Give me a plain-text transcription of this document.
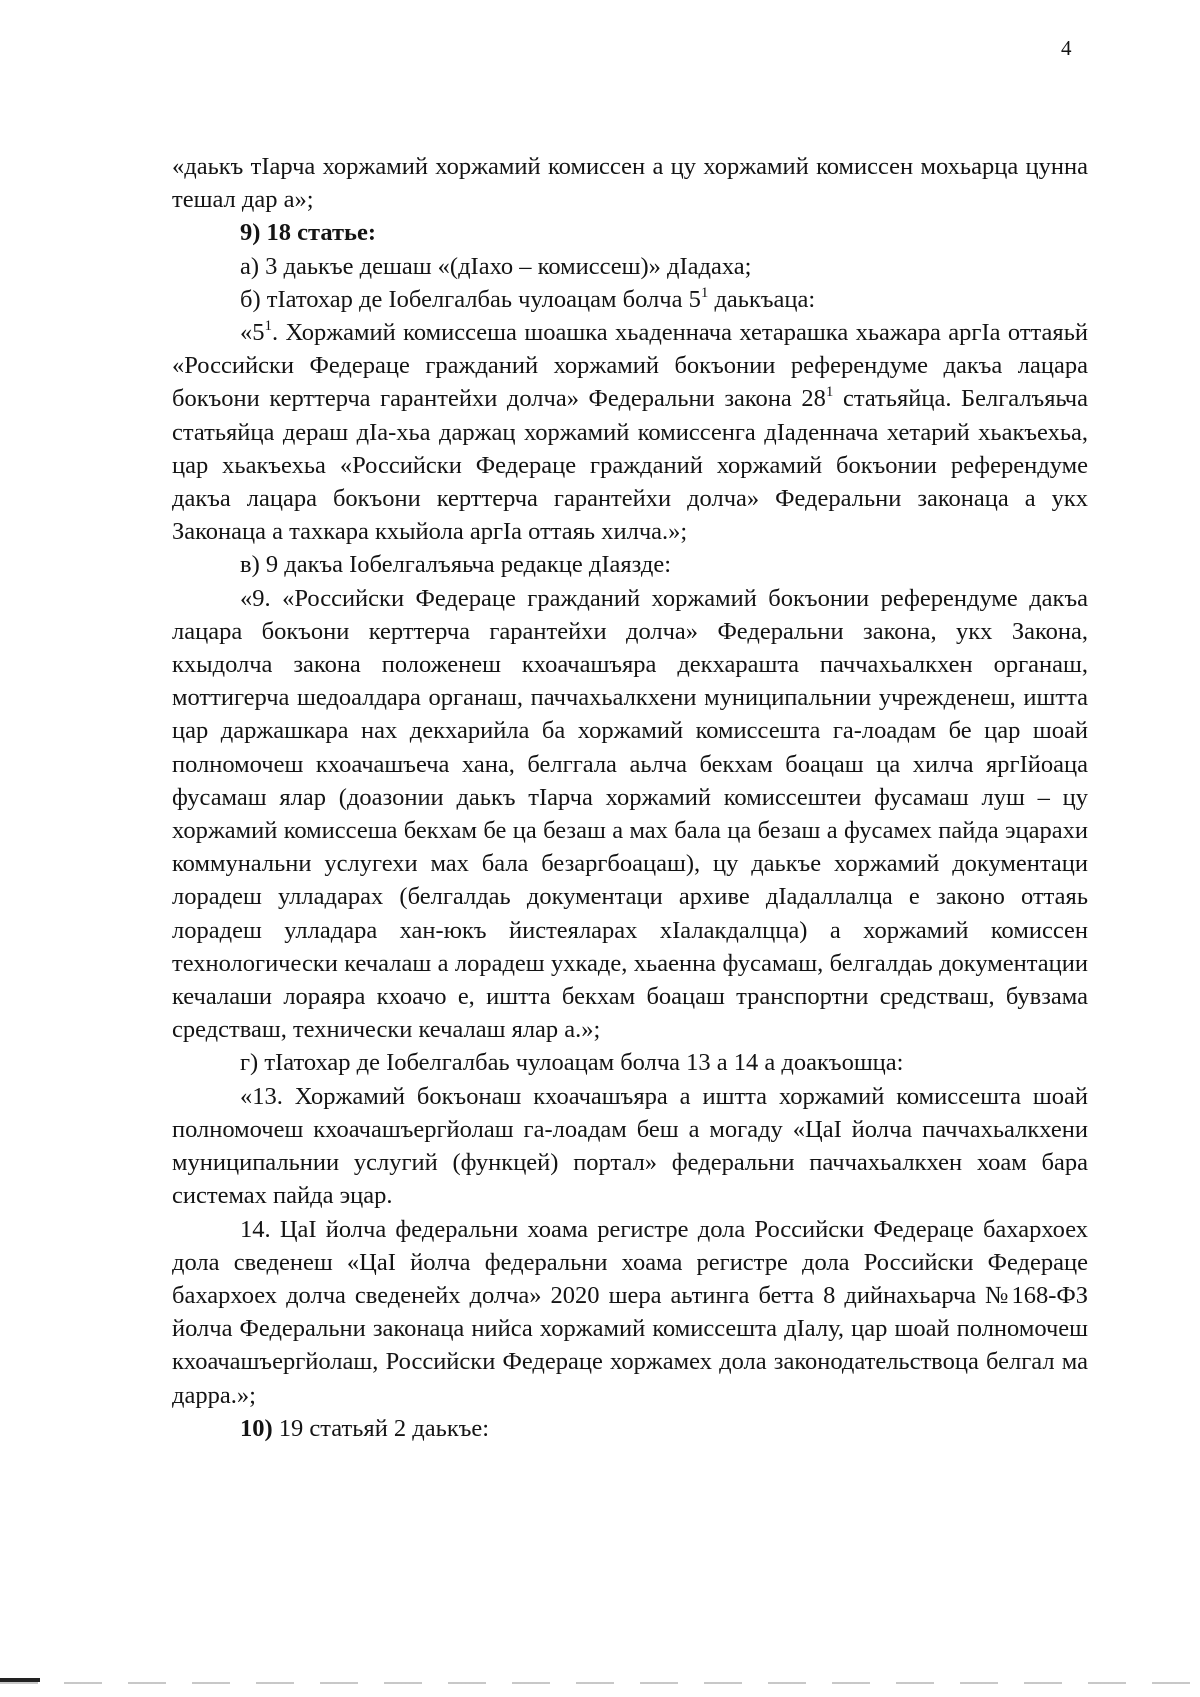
4

«даькъ тӀарча хоржамий хоржамий комиссен а цу хоржамий комиссен мохьарца цунна тешал дар а»;

9) 18 статье:

а) 3 даькъе дешаш «(дӀахо – комиссеш)» дӀадаха;

б) тӀатохар де Ӏобелгалбаь чулоацам болча $5^1$ даькъаца:

«$5^1$. Хоржамий комиссеша шоашка хьаденнача хетарашка хьажара аргӀа оттаяьй «Российски Федераце гражданий хоржамий бокъонии референдуме дакъа лацара бокъони керттерча гарантейхи долча» Федеральни закона $28^1$ статьяйца. Белгалъяьча статьяйца дераш дӀа-хьа даржац хоржамий комиссенга дӀаденнача хетарий хьакъехьа, цар хьакъехьа «Российски Федераце гражданий хоржамий бокъонии референдуме дакъа лацара бокъони керттерча гарантейхи долча» Федеральни законаца а укх Законаца а тахкара кхыйола аргӀа оттаяь хилча.»;

в) 9 дакъа Ӏобелгалъяьча редакце дӀаязде:

«9. «Российски Федераце гражданий хоржамий бокъонии референдуме дакъа лацара бокъони керттерча гарантейхи долча» Федеральни закона, укх Закона, кхыдолча закона положенеш кхоачашъяра декхараштa паччахьалкхен органаш, моттигерча шедоалдара органаш, паччахьалкхени муниципальнии учрежденеш, иштта цар даржашкара нах декхарийла ба хоржамий комиссешта га-лоадам бе цар шоай полномочеш кхоачашъеча хана, белггала аьлча бекхам боацаш ца хилча яргӀйоаца фусамаш ялар (доазонии даькъ тӀарча хоржамий комиссештеи фусамаш луш – цу хоржамий комиссеша бекхам бе ца безаш а мах бала ца безаш а фусамех пайда эцарахи коммунальни услугехи мах бала безаргбоацаш), цу даькъе хоржамий документаци лорадеш улладарах (белгалдаь документаци архиве дӀадаллалца е законо оттаяь лорадеш улладара хан-юкъ йистеяларах хӀалакдалцца) а хоржамий комиссен технологически кечалаш а лорадеш ухкаде, хьаенна фусамаш, белгалдаь документации кечалаши лораяра кхоачо е, иштта бекхам боацаш транспортни средстваш, бувзама средстваш, технически кечалаш ялар а.»;

г) тӀатохар де Ӏобелгалбаь чулоацам болча 13 а 14 а доакъошца:

«13. Хоржамий бокъонаш кхоачашъяра а иштта хоржамий комиссешта шоай полномочеш кхоачашъергйолаш га-лоадам беш а могаду «ЦаӀ йолча паччахьалкхени муниципальнии услугий (функцей) портал» федеральни паччахьалкхен хоам бара системах пайда эцар.

14. ЦаӀ йолча федеральни хоама регистре дола Российски Федераце бахархоех дола сведенеш «ЦаӀ йолча федеральни хоама регистре дола Российски Федераце бахархоех долча сведенейх долча» 2020 шера аьтинга бетта 8 дийнахьарча №168-ФЗ йолча Федеральни законаца нийса хоржамий комиссешта дӀалу, цар шоай полномочеш кхоачашъергйолаш, Российски Федераце хоржамех дола законодательствоца белгал ма дарра.»;

10) 19 статьяй 2 даькъе:
